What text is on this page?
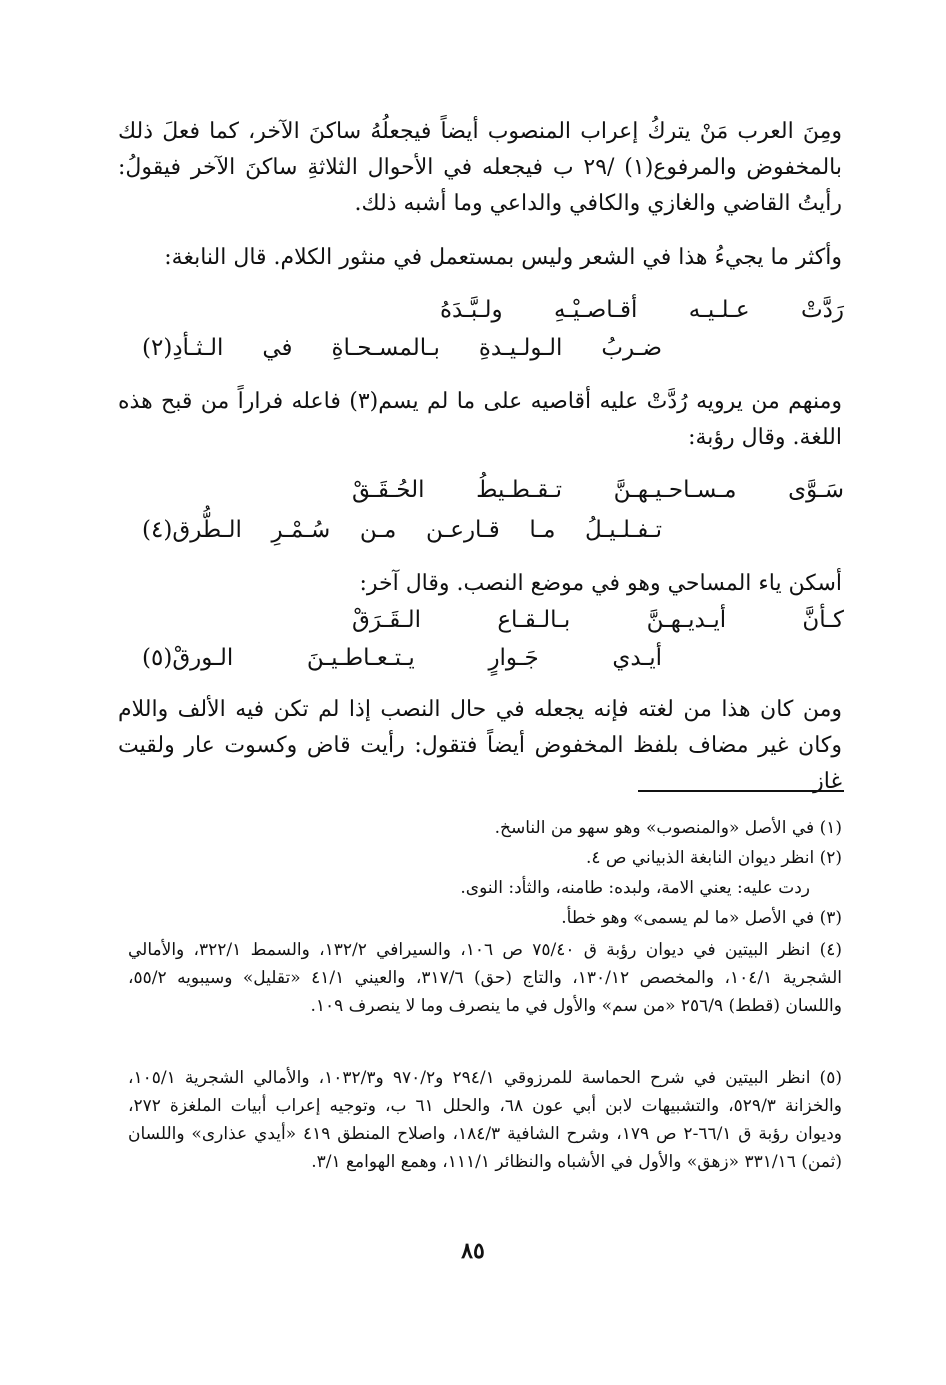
ومِنَ العرب مَنْ يتركُ إعراب المنصوب أيضاً فيجعلُهُ ساكنَ الآخر، كما فعلَ ذلك بالمخفوض والمرفوع(١) /٢٩ ب فيجعله في الأحوال الثلاثةِ ساكنَ الآخر فيقولُ: رأيتُ القاضي والغازي والكافي والداعي وما أشبه ذلك.

وأكثر ما يجيءُ هذا في الشعر وليس بمستعمل في منثور الكلام. قال النابغة:

رَدَّتْ
عـلـيـه
أقـاصـيْـهِ
ولـبَّـدَهُ
ضـربُ
الـولـيـدةِ
بـالمسـحـاةِ
في
الـثـأدِ(٢)

ومنهم من يرويه رُدَّتْ عليه أقاصيه على ما لم يسم(٣) فاعله فراراً من قبح هذه اللغة. وقال رؤبة:

سَـوَّى
مـسـاحـيـهـنَّ
تـقـطـيطُ
الحُـقَـقْ
تـفـلـيـلُ
مـا
قـارعـن
مـن
سُـمْـرِ
الـطُّرق(٤)

أسكن ياء المساحي وهو في موضع النصب. وقال آخر:

كـأنَّ
أيـديـهـنَّ
بـالـقـاع
الـقَـرَقْ
أيـدي
جَـوارٍ
يـتـعـاطـيـنَ
الـورقْ(٥)

ومن كان هذا من لغته فإنه يجعله في حال النصب إذا لم تكن فيه الألف واللام وكان غير مضاف بلفظ المخفوض أيضاً فتقول: رأيت قاض وكسوت عار ولقيت غاز

(١) في الأصل «والمنصوب» وهو سهو من الناسخ.

(٢) انظر ديوان النابغة الذبياني ص ٤.

ردت عليه: يعني الامة، ولبده: طامنه، والثأد: النوى.

(٣) في الأصل «ما لم يسمى» وهو خطأ.

(٤) انظر البيتين في ديوان رؤبة ق ٧٥/٤٠ ص ١٠٦، والسيرافي ١٣٢/٢، والسمط ٣٢٢/١، والأمالي الشجرية ١٠٤/١، والمخصص ١٣٠/١٢، والتاج (حق) ٣١٧/٦، والعيني ٤١/١ «تقليل» وسيبويه ٥٥/٢، واللسان (قطط) ٢٥٦/٩ «من سم» والأول في ما ينصرف وما لا ينصرف ١٠٩.

(٥) انظر البيتين في شرح الحماسة للمرزوقي ٢٩٤/١ و٩٧٠/٢ و١٠٣٢/٣، والأمالي الشجرية ١٠٥/١، والخزانة ٥٢٩/٣، والتشبيهات لابن أبي عون ٦٨، والحلل ٦١ ب، وتوجيه إعراب أبيات الملغزة ٢٧٢، وديوان رؤبة ق ٦٦/١-٢ ص ١٧٩، وشرح الشافية ١٨٤/٣، واصلاح المنطق ٤١٩ «أيدي عذارى» واللسان (ثمن) ٣٣١/١٦ «زهق» والأول في الأشباه والنظائر ١١١/١، وهمع الهوامع ٣/١.

٨٥
